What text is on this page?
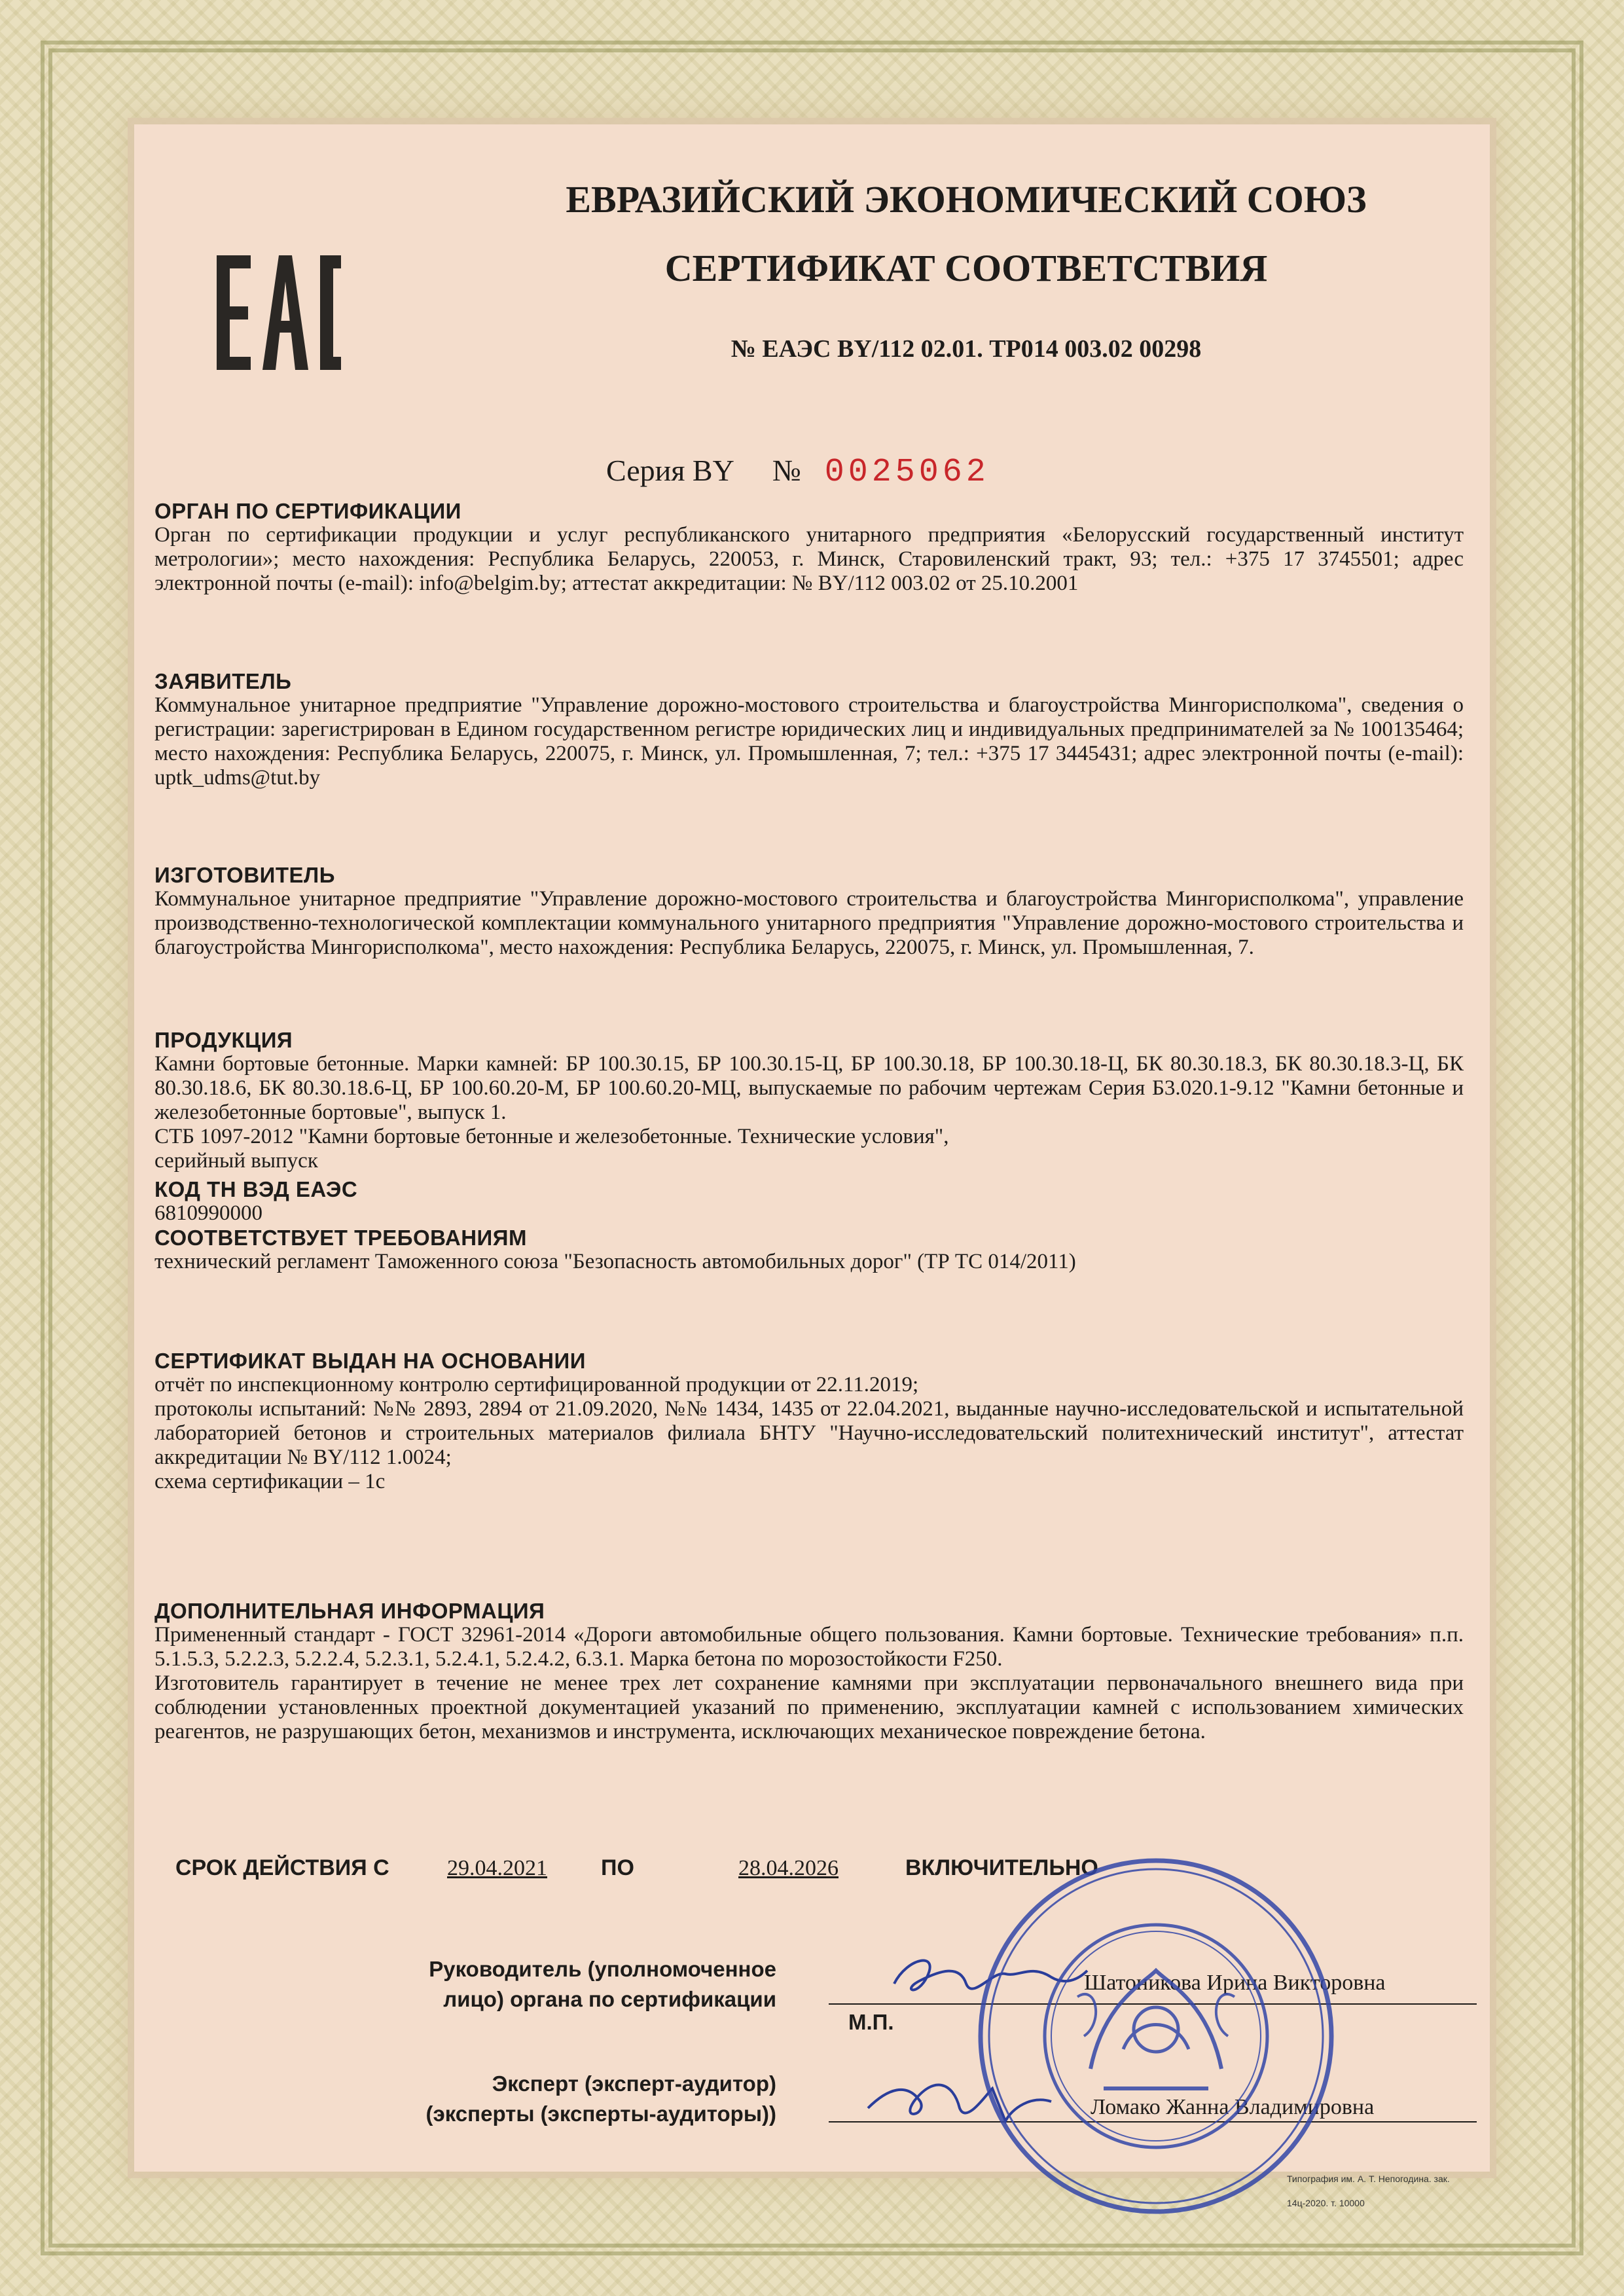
ЕВРАЗИЙСКИЙ ЭКОНОМИЧЕСКИЙ СОЮЗ
СЕРТИФИКАТ СООТВЕТСТВИЯ
№ ЕАЭС BY/112 02.01. ТР014 003.02 00298
Серия BY № 0025062
ОРГАН ПО СЕРТИФИКАЦИИ

Орган по сертификации продукции и услуг республиканского унитарного предприятия «Белорусский государственный институт метрологии»; место нахождения: Республика Беларусь, 220053, г. Минск, Старовиленский тракт, 93; тел.: +375 17 3745501; адрес электронной почты (e-mail): info@belgim.by; аттестат аккредитации: № BY/112 003.02 от 25.10.2001

ЗАЯВИТЕЛЬ

Коммунальное унитарное предприятие "Управление дорожно-мостового строительства и благоустройства Мингорисполкома", сведения о регистрации: зарегистрирован в Едином государственном регистре юридических лиц и индивидуальных предпринимателей за № 100135464; место нахождения: Республика Беларусь, 220075, г. Минск, ул. Промышленная, 7; тел.: +375 17 3445431; адрес электронной почты (e-mail): uptk_udms@tut.by

ИЗГОТОВИТЕЛЬ

Коммунальное унитарное предприятие "Управление дорожно-мостового строительства и благоустройства Мингорисполкома", управление производственно-технологической комплектации коммунального унитарного предприятия "Управление дорожно-мостового строительства и благоустройства Мингорисполкома", место нахождения: Республика Беларусь, 220075, г. Минск, ул. Промышленная, 7.

ПРОДУКЦИЯ

Камни бортовые бетонные. Марки камней: БР 100.30.15, БР 100.30.15-Ц, БР 100.30.18, БР 100.30.18-Ц, БК 80.30.18.3, БК 80.30.18.3-Ц, БК 80.30.18.6, БК 80.30.18.6-Ц, БР 100.60.20-М, БР 100.60.20-МЦ, выпускаемые по рабочим чертежам Серия Б3.020.1-9.12 "Камни бетонные и железобетонные бортовые", выпуск 1.

СТБ 1097-2012 "Камни бортовые бетонные и железобетонные. Технические условия",

серийный выпуск

КОД ТН ВЭД ЕАЭС

6810990000

СООТВЕТСТВУЕТ ТРЕБОВАНИЯМ

технический регламент Таможенного союза "Безопасность автомобильных дорог" (ТР ТС 014/2011)

СЕРТИФИКАТ ВЫДАН НА ОСНОВАНИИ

отчёт по инспекционному контролю сертифицированной продукции от 22.11.2019;

протоколы испытаний: №№ 2893, 2894 от 21.09.2020, №№ 1434, 1435 от 22.04.2021, выданные научно-исследовательской и испытательной лабораторией бетонов и строительных материалов филиала БНТУ "Научно-исследовательский политехнический институт", аттестат аккредитации № BY/112 1.0024;

схема сертификации – 1с

ДОПОЛНИТЕЛЬНАЯ ИНФОРМАЦИЯ

Примененный стандарт - ГОСТ 32961-2014 «Дороги автомобильные общего пользования. Камни бортовые. Технические требования» п.п. 5.1.5.3, 5.2.2.3, 5.2.2.4, 5.2.3.1, 5.2.4.1, 5.2.4.2, 6.3.1. Марка бетона по морозостойкости F250.

Изготовитель гарантирует в течение не менее трех лет сохранение камнями при эксплуатации первоначального внешнего вида при соблюдении установленных проектной документацией указаний по применению, эксплуатации камней с использованием химических реагентов, не разрушающих бетон, механизмов и инструмента, исключающих механическое повреждение бетона.

СРОК ДЕЙСТВИЯ С	29.04.2021 ПО	28.04.2026	ВКЛЮЧИТЕЛЬНО
Руководитель (уполномоченное
лицо) органа по сертификации
М.П.
Шатоникова Ирина Викторовна
Эксперт (эксперт-аудитор)
(эксперты (эксперты-аудиторы))	Ломако Жанна Владимировна
Типография им. А. Т. Непогодина. зак. 14ц-2020. т. 10000
